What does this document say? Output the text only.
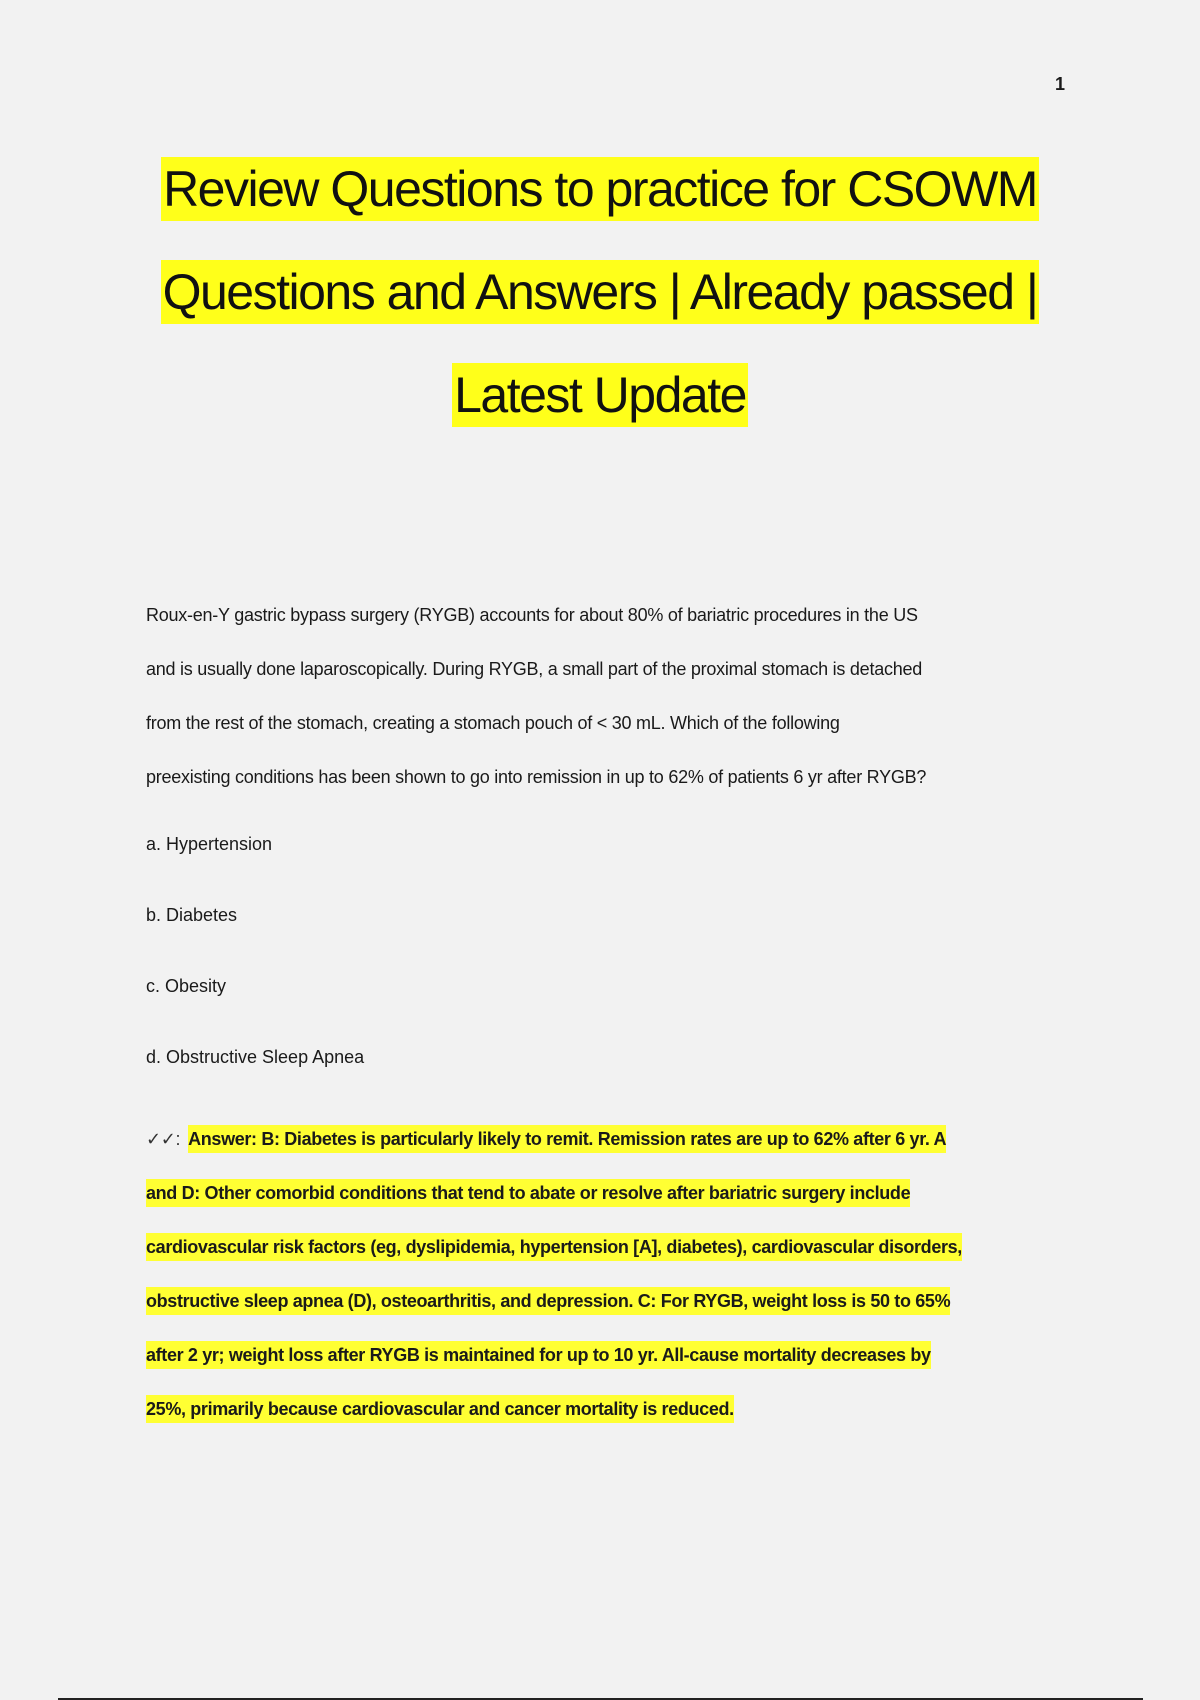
1
Review Questions to practice for CSOWM
Questions and Answers | Already passed |
Latest Update
Roux-en-Y gastric bypass surgery (RYGB) accounts for about 80% of bariatric procedures in the US
and is usually done laparoscopically. During RYGB, a small part of the proximal stomach is detached
from the rest of the stomach, creating a stomach pouch of < 30 mL. Which of the following
preexisting conditions has been shown to go into remission in up to 62% of patients 6 yr after RYGB?
a. Hypertension
b. Diabetes
c. Obesity
d. Obstructive Sleep Apnea
✓✓: Answer: B: Diabetes is particularly likely to remit. Remission rates are up to 62% after 6 yr. A
and D: Other comorbid conditions that tend to abate or resolve after bariatric surgery include
cardiovascular risk factors (eg, dyslipidemia, hypertension [A], diabetes), cardiovascular disorders,
obstructive sleep apnea (D), osteoarthritis, and depression. C: For RYGB, weight loss is 50 to 65%
after 2 yr; weight loss after RYGB is maintained for up to 10 yr. All-cause mortality decreases by
25%, primarily because cardiovascular and cancer mortality is reduced.
